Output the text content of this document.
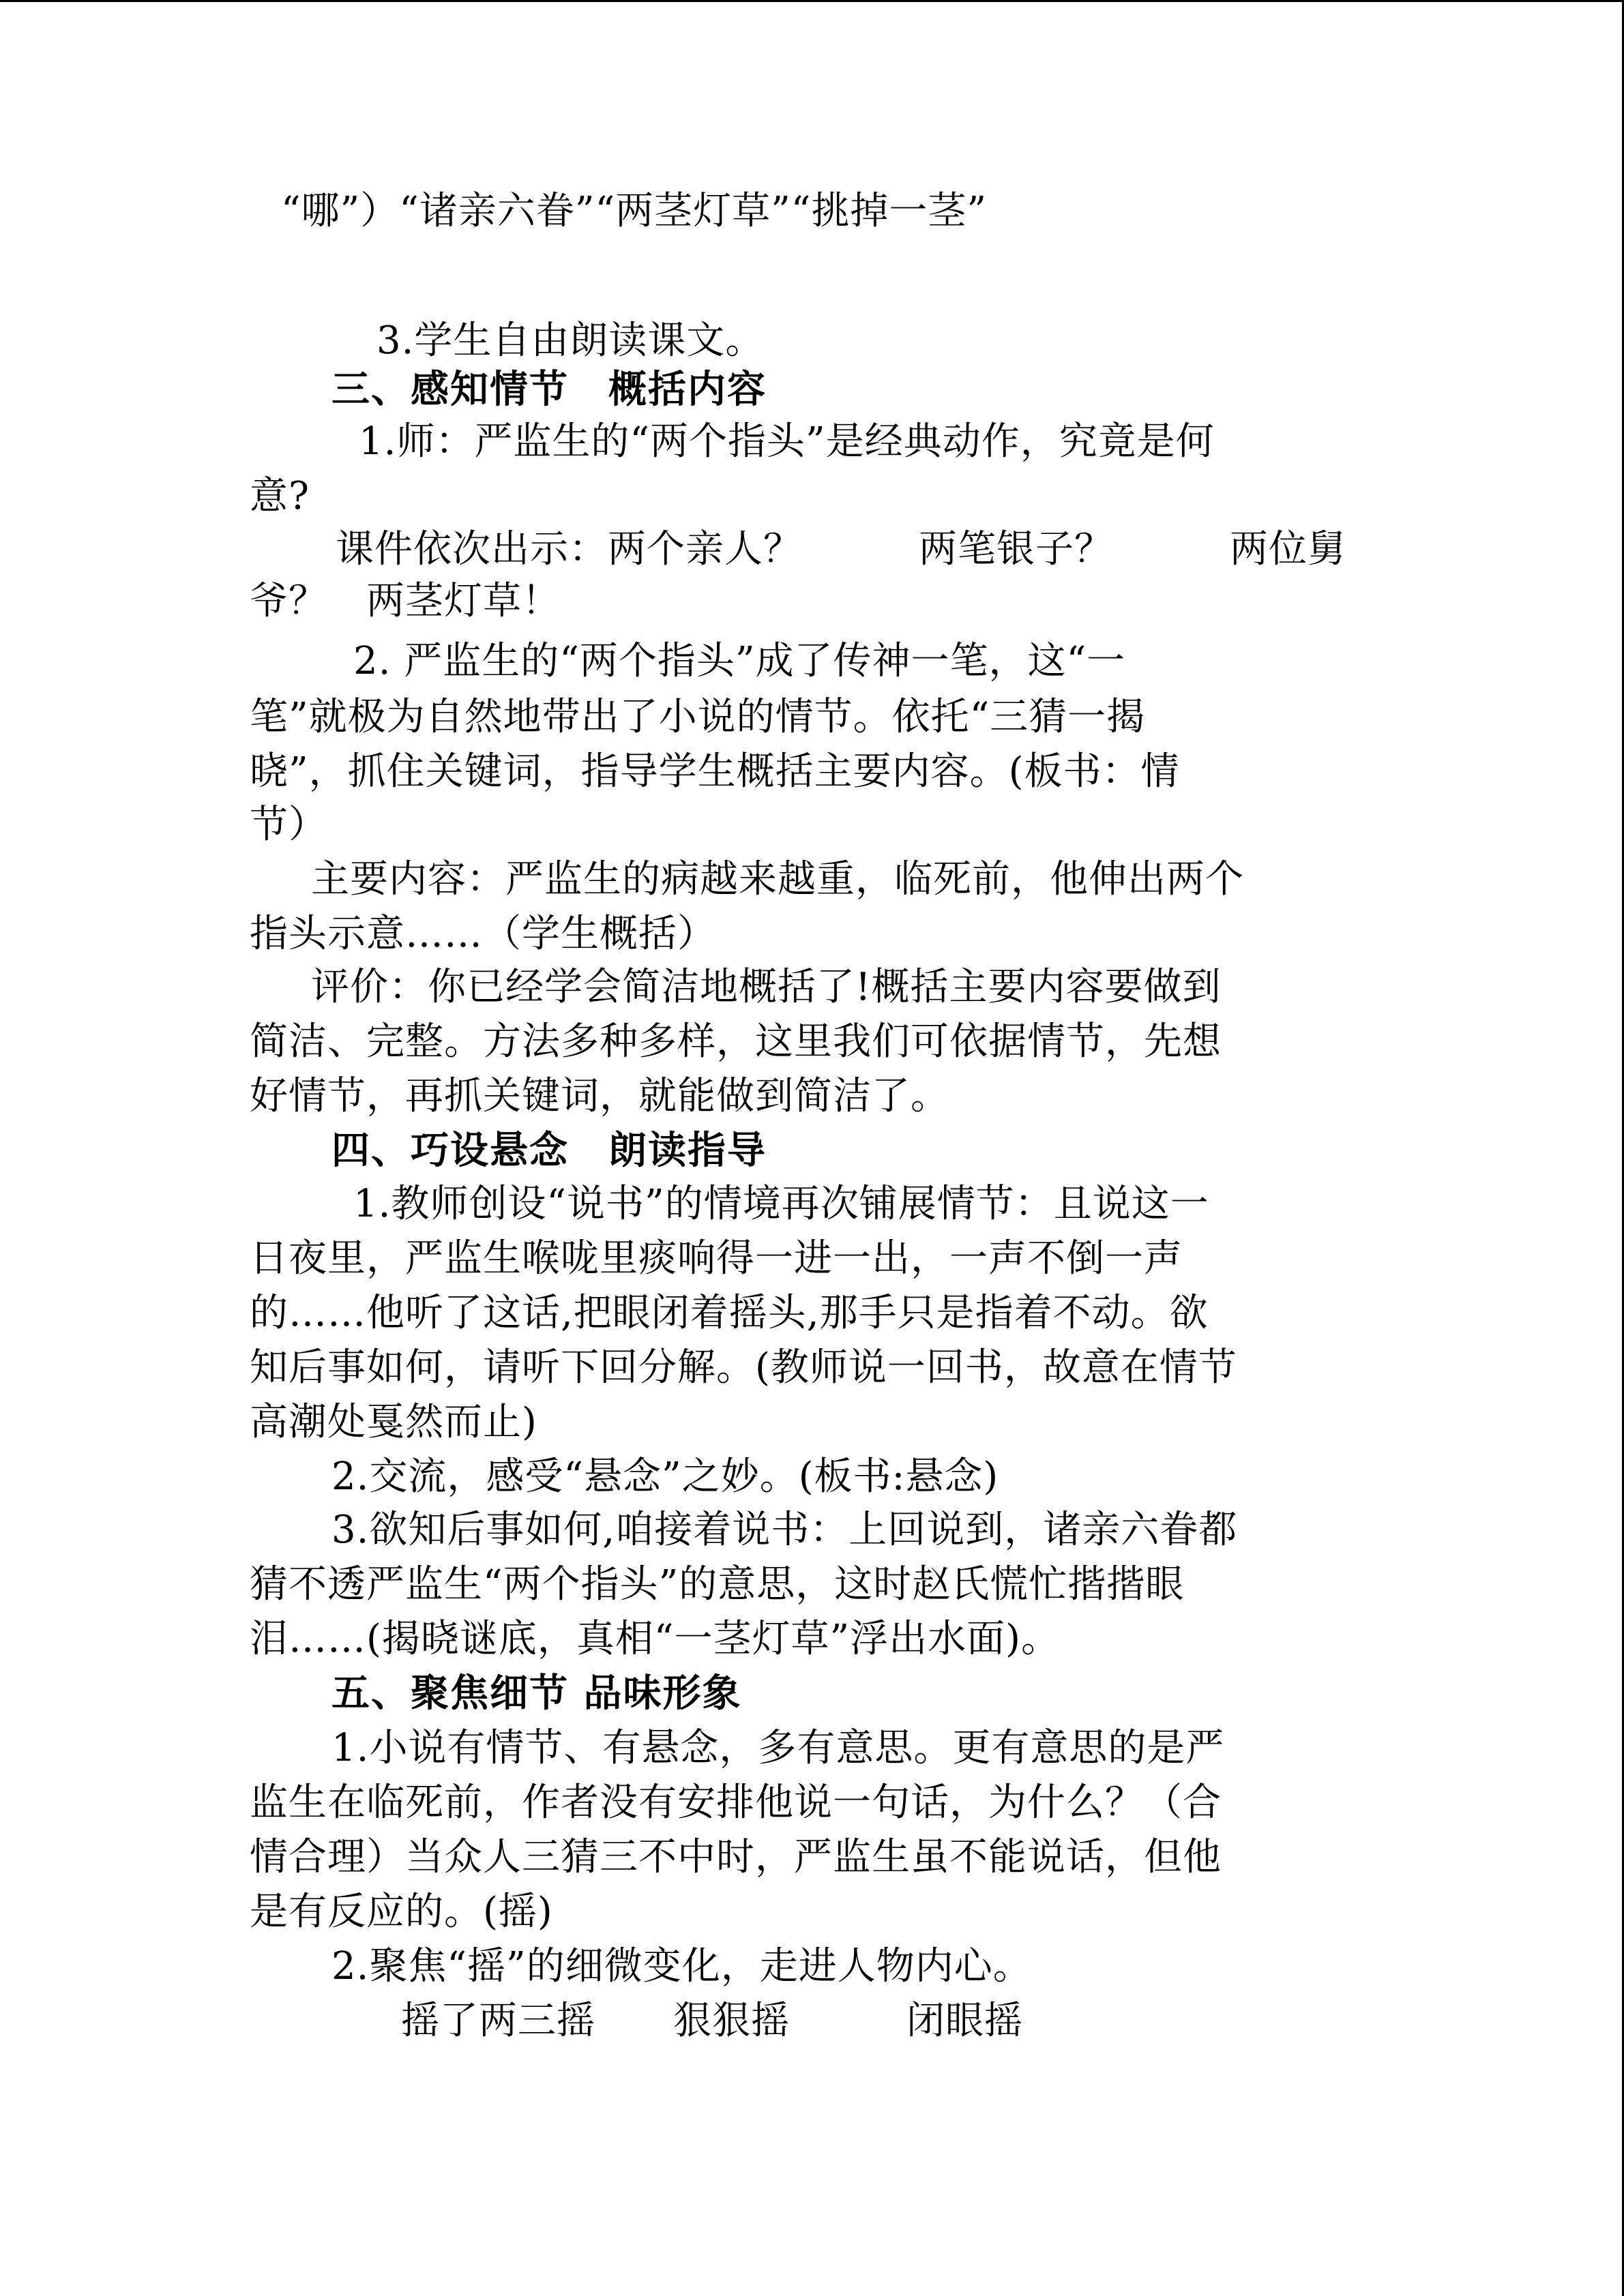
“哪”）“诸亲六眷”“两茎灯草”“挑掉一茎”
3.学生自由朗读课文。
三、感知情节　概括内容
1.师：严监生的“两个指头”是经典动作，究竟是何
意?
课件依次出示：两个亲人？　　　两笔银子？　　　两位舅
爷？　两茎灯草！
2. 严监生的“两个指头”成了传神一笔，这“一
笔”就极为自然地带出了小说的情节。依托“三猜一揭
晓”，抓住关键词，指导学生概括主要内容。(板书：情
节）
主要内容：严监生的病越来越重，临死前，他伸出两个
指头示意……（学生概括）
评价：你已经学会简洁地概括了!概括主要内容要做到
简洁、完整。方法多种多样，这里我们可依据情节，先想
好情节，再抓关键词，就能做到简洁了。
四、巧设悬念　朗读指导
1.教师创设“说书”的情境再次铺展情节：且说这一
日夜里，严监生喉咙里痰响得一进一出，一声不倒一声
的……他听了这话,把眼闭着摇头,那手只是指着不动。欲
知后事如何，请听下回分解。(教师说一回书，故意在情节
高潮处戛然而止)
2.交流，感受“悬念”之妙。(板书:悬念)
3.欲知后事如何,咱接着说书：上回说到，诸亲六眷都
猜不透严监生“两个指头”的意思，这时赵氏慌忙揩揩眼
泪……(揭晓谜底，真相“一茎灯草”浮出水面)。
五、聚焦细节 品味形象
1.小说有情节、有悬念，多有意思。更有意思的是严
监生在临死前，作者没有安排他说一句话，为什么？（合
情合理）当众人三猜三不中时，严监生虽不能说话，但他
是有反应的。(摇)
2.聚焦“摇”的细微变化，走进人物内心。
摇了两三摇　　狠狠摇　　　闭眼摇
